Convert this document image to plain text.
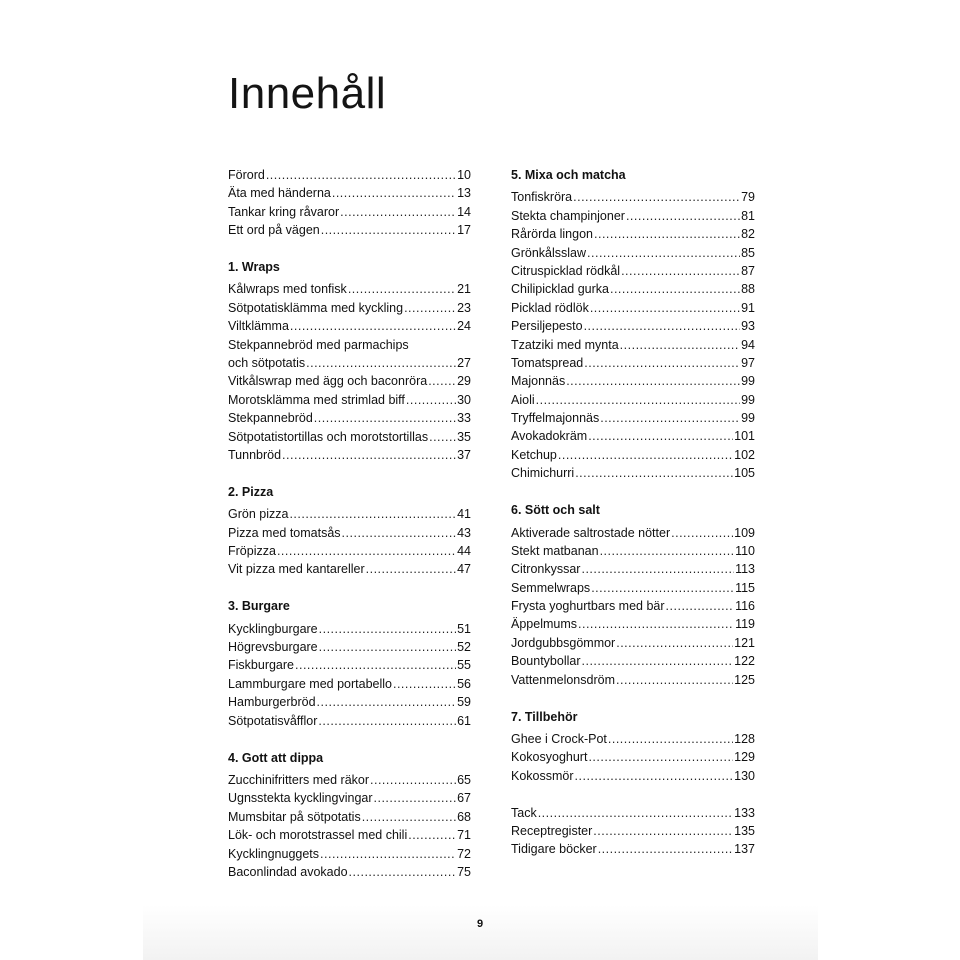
Innehåll
Förord .....	10
Äta med händerna .....	13
Tankar kring råvaror .....	14
Ett ord på vägen .....	17
1. Wraps
Kålwraps med tonfisk .....	21
Sötpotatisklämma med kyckling .....	23
Viltklämma .....	24
Stekpannebröd med parmachips
och sötpotatis .....	27
Vitkålswrap med ägg och baconröra ..... 29
Morotsklämma med strimlad biff .....	30
Stekpannebröd .....	33
Sötpotatistortillas och morotstortillas ..... 35
Tunnbröd .....	37
2. Pizza
Grön pizza .....	41
Pizza med tomatsås .....	43
Fröpizza .....	44
Vit pizza med kantareller .....	47
3. Burgare
Kycklingburgare .....	51
Högrevsburgare .....	52
Fiskburgare .....	55
Lammburgare med portabello .....	56
Hamburgerbröd .....	59
Sötpotatisvåfflor .....	61
4. Gott att dippa
Zucchinifritters med räkor .....	65
Ugnsstekta kycklingvingar .....	67
Mumsbitar på sötpotatis .....	68
Lök- och morotstrassel med chili .....	71
Kycklingnuggets .....	72
Baconlindad avokado .....	75
5. Mixa och matcha
Tonfiskröra .....	79
Stekta champinjoner .....	81
Rårörda lingon .....	82
Grönkålsslaw .....	85
Citruspicklad rödkål .....	87
Chilipicklad gurka .....	88
Picklad rödlök .....	91
Persiljepesto .....	93
Tzatziki med mynta .....	94
Tomatspread .....	97
Majonnäs .....	99
Aioli .....	99
Tryffelmajonnäs .....	99
Avokadokräm .....	101
Ketchup .....	102
Chimichurri .....	105
6. Sött och salt
Aktiverade saltrostade nötter .....	109
Stekt matbanan .....	110
Citronkyssar .....	113
Semmelwraps .....	115
Frysta yoghurtbars med bär .....	116
Äppelmums .....	119
Jordgubbsgömmor .....	121
Bountybollar .....	122
Vattenmelonsdröm .....	125
7. Tillbehör
Ghee i Crock-Pot .....	128
Kokosyoghurt .....	129
Kokossmör .....	130
Tack .....	133
Receptregister .....	135
Tidigare böcker .....	137
9
